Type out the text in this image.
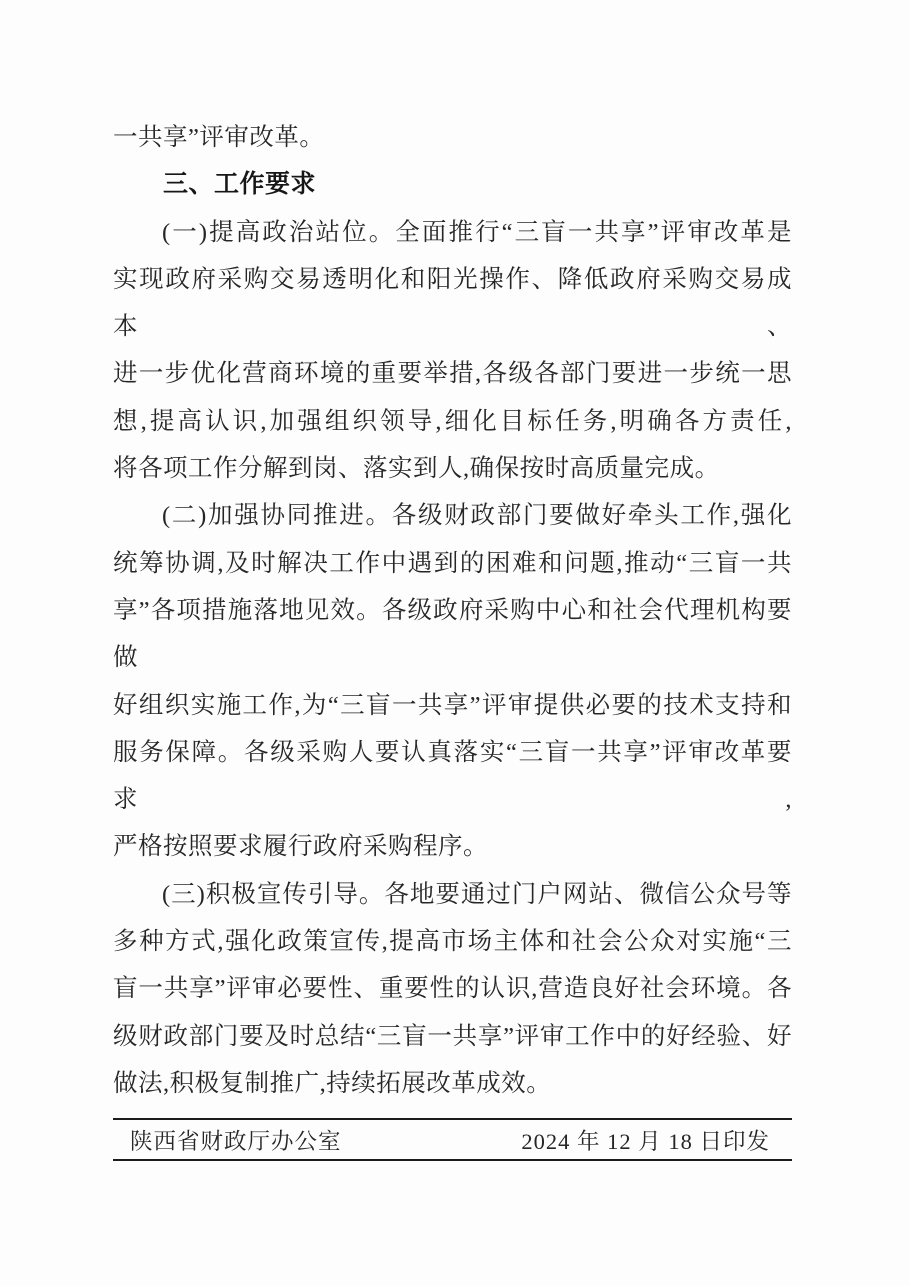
一共享”评审改革。
三、工作要求
(一)提高政治站位。全面推行“三盲一共享”评审改革是
实现政府采购交易透明化和阳光操作、降低政府采购交易成本、
进一步优化营商环境的重要举措,各级各部门要进一步统一思
想,提高认识,加强组织领导,细化目标任务,明确各方责任,
将各项工作分解到岗、落实到人,确保按时高质量完成。
(二)加强协同推进。各级财政部门要做好牵头工作,强化
统筹协调,及时解决工作中遇到的困难和问题,推动“三盲一共
享”各项措施落地见效。各级政府采购中心和社会代理机构要做
好组织实施工作,为“三盲一共享”评审提供必要的技术支持和
服务保障。各级采购人要认真落实“三盲一共享”评审改革要求,
严格按照要求履行政府采购程序。
(三)积极宣传引导。各地要通过门户网站、微信公众号等
多种方式,强化政策宣传,提高市场主体和社会公众对实施“三
盲一共享”评审必要性、重要性的认识,营造良好社会环境。各
级财政部门要及时总结“三盲一共享”评审工作中的好经验、好
做法,积极复制推广,持续拓展改革成效。
陕西省财政厅办公室	2024 年 12 月 18 日印发
